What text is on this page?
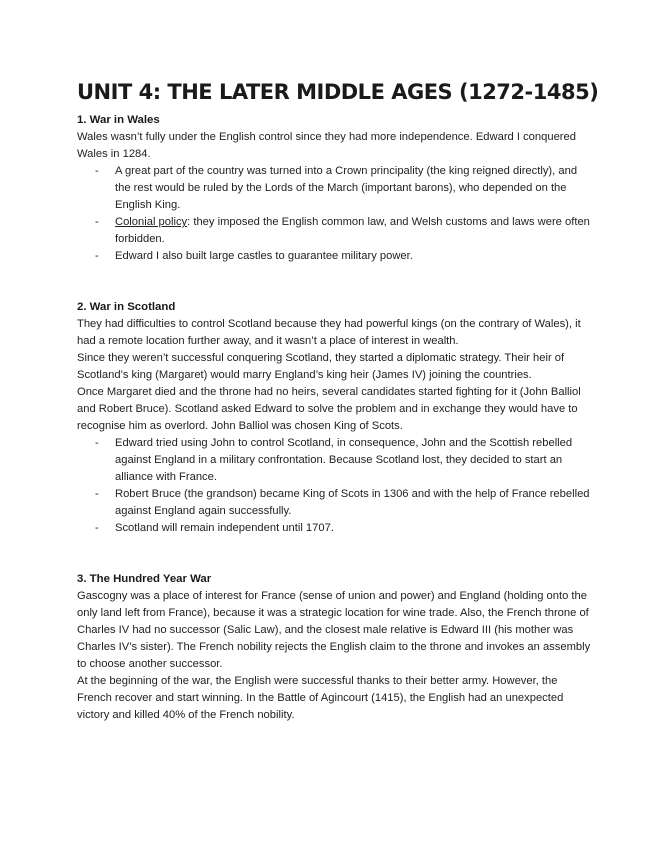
UNIT 4: THE LATER MIDDLE AGES (1272-1485)
1. War in Wales

Wales wasn’t fully under the English control since they had more independence. Edward I conquered Wales in 1284.

- A great part of the country was turned into a Crown principality (the king reigned directly), and the rest would be ruled by the Lords of the March (important barons), who depended on the English King.
- Colonial policy: they imposed the English common law, and Welsh customs and laws were often forbidden.
- Edward I also built large castles to guarantee military power.
2. War in Scotland

They had difficulties to control Scotland because they had powerful kings (on the contrary of Wales), it had a remote location further away, and it wasn’t a place of interest in wealth.

Since they weren’t successful conquering Scotland, they started a diplomatic strategy. Their heir of Scotland’s king (Margaret) would marry England’s king heir (James IV) joining the countries.

Once Margaret died and the throne had no heirs, several candidates started fighting for it (John Balliol and Robert Bruce). Scotland asked Edward to solve the problem and in exchange they would have to recognise him as overlord. John Balliol was chosen King of Scots.

- Edward tried using John to control Scotland, in consequence, John and the Scottish rebelled against England in a military confrontation. Because Scotland lost, they decided to start an alliance with France.
- Robert Bruce (the grandson) became King of Scots in 1306 and with the help of France rebelled against England again successfully.
- Scotland will remain independent until 1707.
3. The Hundred Year War

Gascogny was a place of interest for France (sense of union and power) and England (holding onto the only land left from France), because it was a strategic location for wine trade. Also, the French throne of Charles IV had no successor (Salic Law), and the closest male relative is Edward III (his mother was Charles IV’s sister). The French nobility rejects the English claim to the throne and invokes an assembly to choose another successor.

At the beginning of the war, the English were successful thanks to their better army. However, the French recover and start winning. In the Battle of Agincourt (1415), the English had an unexpected victory and killed 40% of the French nobility.
